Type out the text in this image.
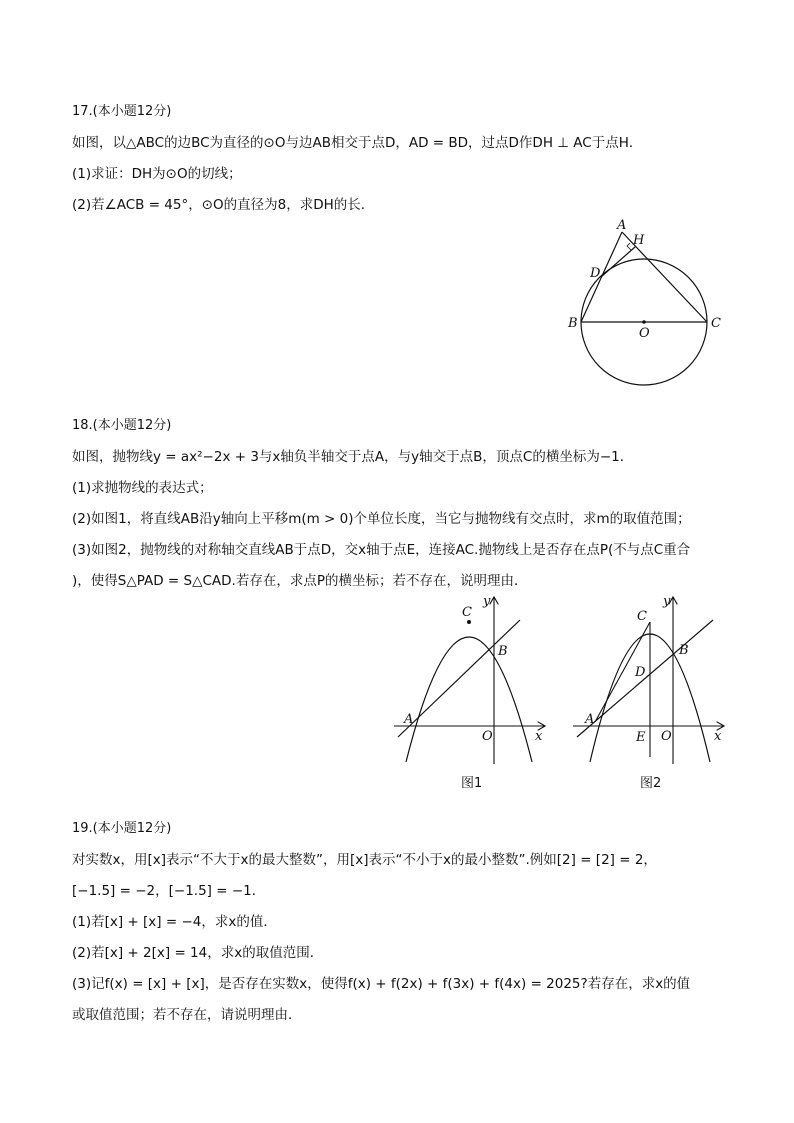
17.(本小题12分)
如图，以△ABC的边BC为直径的⊙O与边AB相交于点D，AD = BD，过点D作DH ⊥ AC于点H．
(1)求证：DH为⊙O的切线；
(2)若∠ACB = 45°，⊙O的直径为8，求DH的长．
A
H
D
B
O
C
18.(本小题12分)
如图，抛物线y = ax²−2x + 3与x轴负半轴交于点A，与y轴交于点B，顶点C的横坐标为−1．
(1)求抛物线的表达式；
(2)如图1，将直线AB沿y轴向上平移m(m > 0)个单位长度，当它与抛物线有交点时，求m的取值范围；
(3)如图2，抛物线的对称轴交直线AB于点D，交x轴于点E，连接AC.抛物线上是否存在点P(不与点C重合
)，使得S△PAD = S△CAD.若存在，求点P的横坐标；若不存在，说明理由．
C
y
B
A
O	x
图1
C
y
B
D
A
E O	x
图2
19.(本小题12分)
对实数x，用[x]表示“不大于x的最大整数”，用[x]表示“不小于x的最小整数”.例如[2] = [2] = 2，
[−1.5] = −2，[−1.5] = −1．
(1)若[x] + [x] = −4，求x的值．
(2)若[x] + 2[x] = 14，求x的取值范围．
(3)记f(x) = [x] + [x]，是否存在实数x，使得f(x) + f(2x) + f(3x) + f(4x) = 2025?若存在，求x的值
或取值范围；若不存在，请说明理由．
